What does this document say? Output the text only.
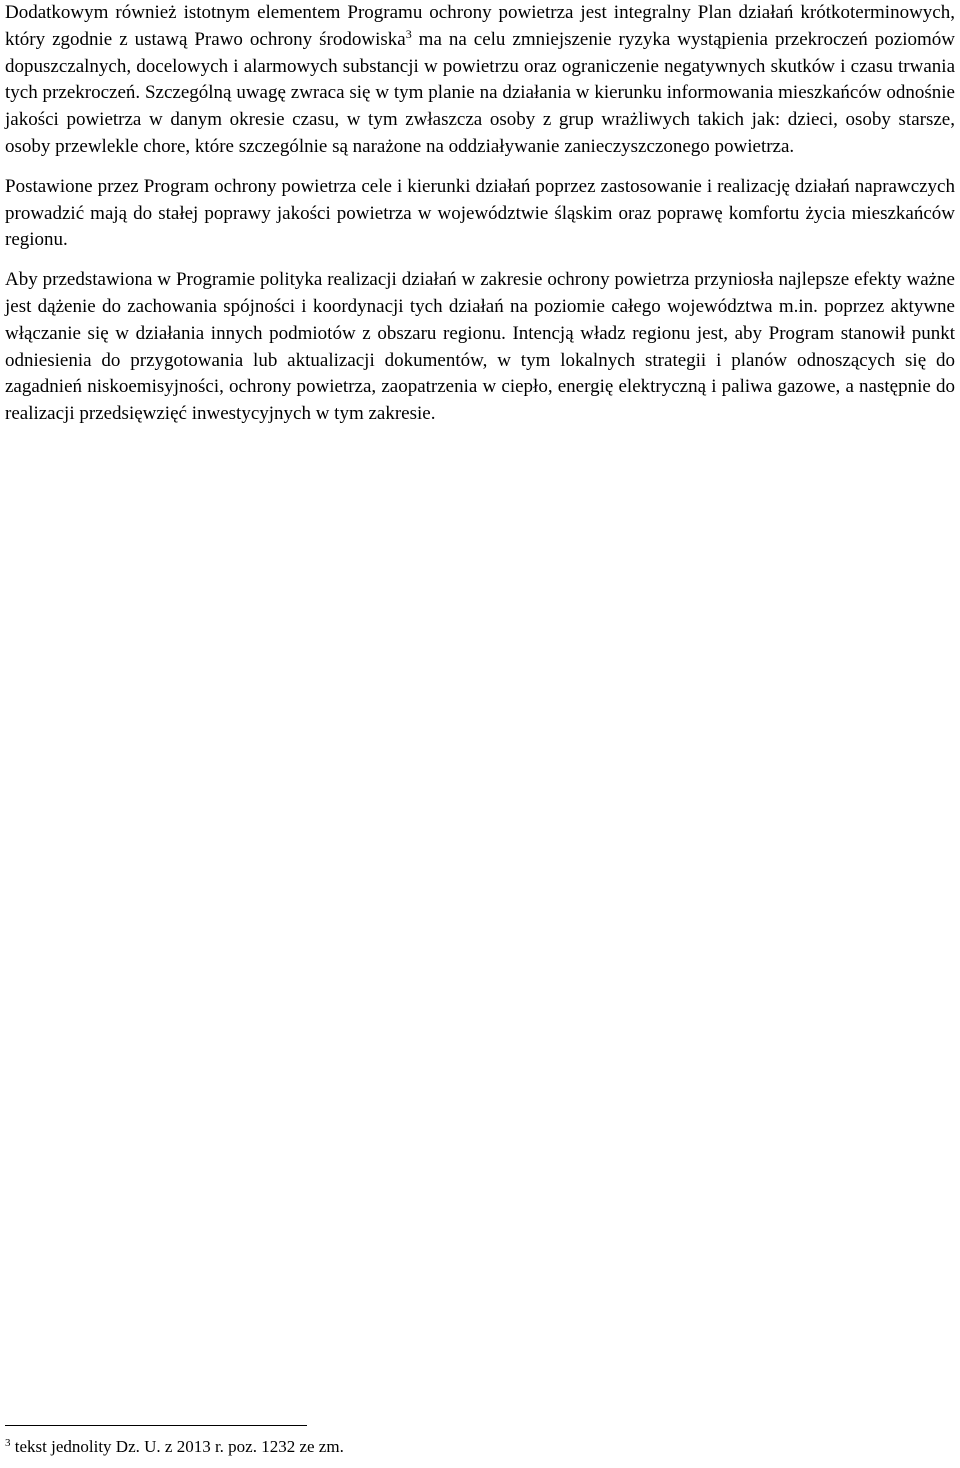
Dodatkowym również istotnym elementem Programu ochrony powietrza jest integralny Plan działań krótkoterminowych, który zgodnie z ustawą Prawo ochrony środowiska$^3$ ma na celu zmniejszenie ryzyka wystąpienia przekroczeń poziomów dopuszczalnych, docelowych i alarmowych substancji w powietrzu oraz ograniczenie negatywnych skutków i czasu trwania tych przekroczeń. Szczególną uwagę zwraca się w tym planie na działania w kierunku informowania mieszkańców odnośnie jakości powietrza w danym okresie czasu, w tym zwłaszcza osoby z grup wrażliwych takich jak: dzieci, osoby starsze, osoby przewlekle chore, które szczególnie są narażone na oddziaływanie zanieczyszczonego powietrza.

Postawione przez Program ochrony powietrza cele i kierunki działań poprzez zastosowanie i realizację działań naprawczych prowadzić mają do stałej poprawy jakości powietrza w województwie śląskim oraz poprawę komfortu życia mieszkańców regionu.

Aby przedstawiona w Programie polityka realizacji działań w zakresie ochrony powietrza przyniosła najlepsze efekty ważne jest dążenie do zachowania spójności i koordynacji tych działań na poziomie całego województwa m.in. poprzez aktywne włączanie się w działania innych podmiotów z obszaru regionu. Intencją władz regionu jest, aby Program stanowił punkt odniesienia do przygotowania lub aktualizacji dokumentów, w tym lokalnych strategii i planów odnoszących się do zagadnień niskoemisyjności, ochrony powietrza, zaopatrzenia w ciepło, energię elektryczną i paliwa gazowe, a następnie do realizacji przedsięwzięć inwestycyjnych w tym zakresie.

$^3$ tekst jednolity Dz. U. z 2013 r. poz. 1232 ze zm.
